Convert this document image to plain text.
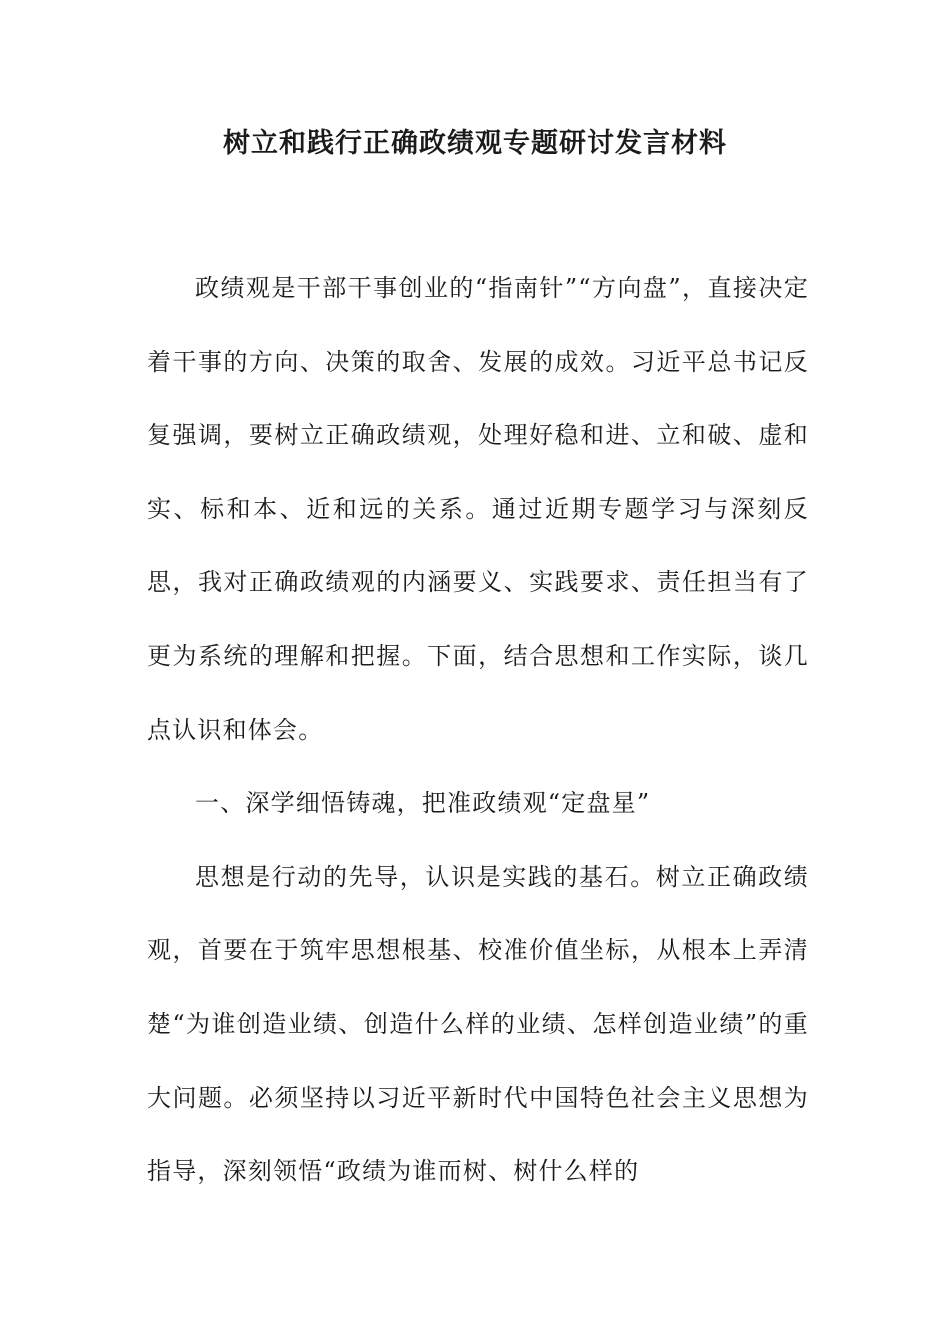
树立和践行正确政绩观专题研讨发言材料

政绩观是干部干事创业的“指南针”“方向盘”，直接决定着干事的方向、决策的取舍、发展的成效。习近平总书记反复强调，要树立正确政绩观，处理好稳和进、立和破、虚和实、标和本、近和远的关系。通过近期专题学习与深刻反思，我对正确政绩观的内涵要义、实践要求、责任担当有了更为系统的理解和把握。下面，结合思想和工作实际，谈几点认识和体会。

一、深学细悟铸魂，把准政绩观“定盘星”

思想是行动的先导，认识是实践的基石。树立正确政绩观，首要在于筑牢思想根基、校准价值坐标，从根本上弄清楚“为谁创造业绩、创造什么样的业绩、怎样创造业绩”的重大问题。必须坚持以习近平新时代中国特色社会主义思想为指导，深刻领悟“政绩为谁而树、树什么样的
